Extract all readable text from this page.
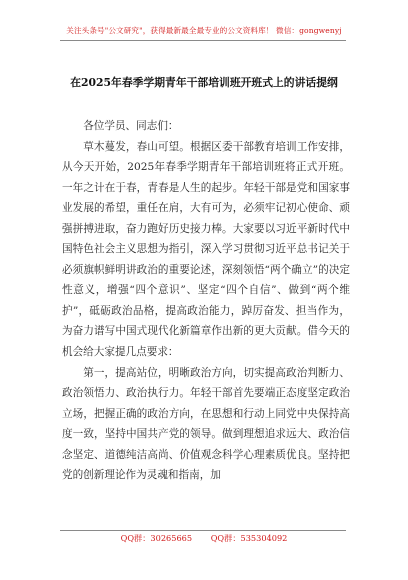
关注头条号"公文研究"，获得最新最全最专业的公文资料库！ 微信：gongwenyj
在2025年春季学期青年干部培训班开班式上的讲话提纲

各位学员、同志们：

草木蔓发，春山可望。根据区委干部教育培训工作安排，从今天开始，2025年春季学期青年干部培训班将正式开班。一年之计在于春，青春是人生的起步。年轻干部是党和国家事业发展的希望，重任在肩，大有可为，必须牢记初心使命、顽强拼搏进取，奋力跑好历史接力棒。大家要以习近平新时代中国特色社会主义思想为指引，深入学习贯彻习近平总书记关于必须旗帜鲜明讲政治的重要论述，深刻领悟“两个确立”的决定性意义，增强“四个意识”、坚定“四个自信”、做到“两个维护”，砥砺政治品格，提高政治能力，踔厉奋发、担当作为，为奋力谱写中国式现代化新篇章作出新的更大贡献。借今天的机会给大家提几点要求：

第一，提高站位，明晰政治方向，切实提高政治判断力、政治领悟力、政治执行力。年轻干部首先要端正态度坚定政治立场，把握正确的政治方向，在思想和行动上同党中央保持高度一致，坚持中国共产党的领导。做到理想追求远大、政治信念坚定、道德纯洁高尚、价值观念科学心理素质优良。坚持把党的创新理论作为灵魂和指南，加

QQ群：30265665 QQ群：535304092
